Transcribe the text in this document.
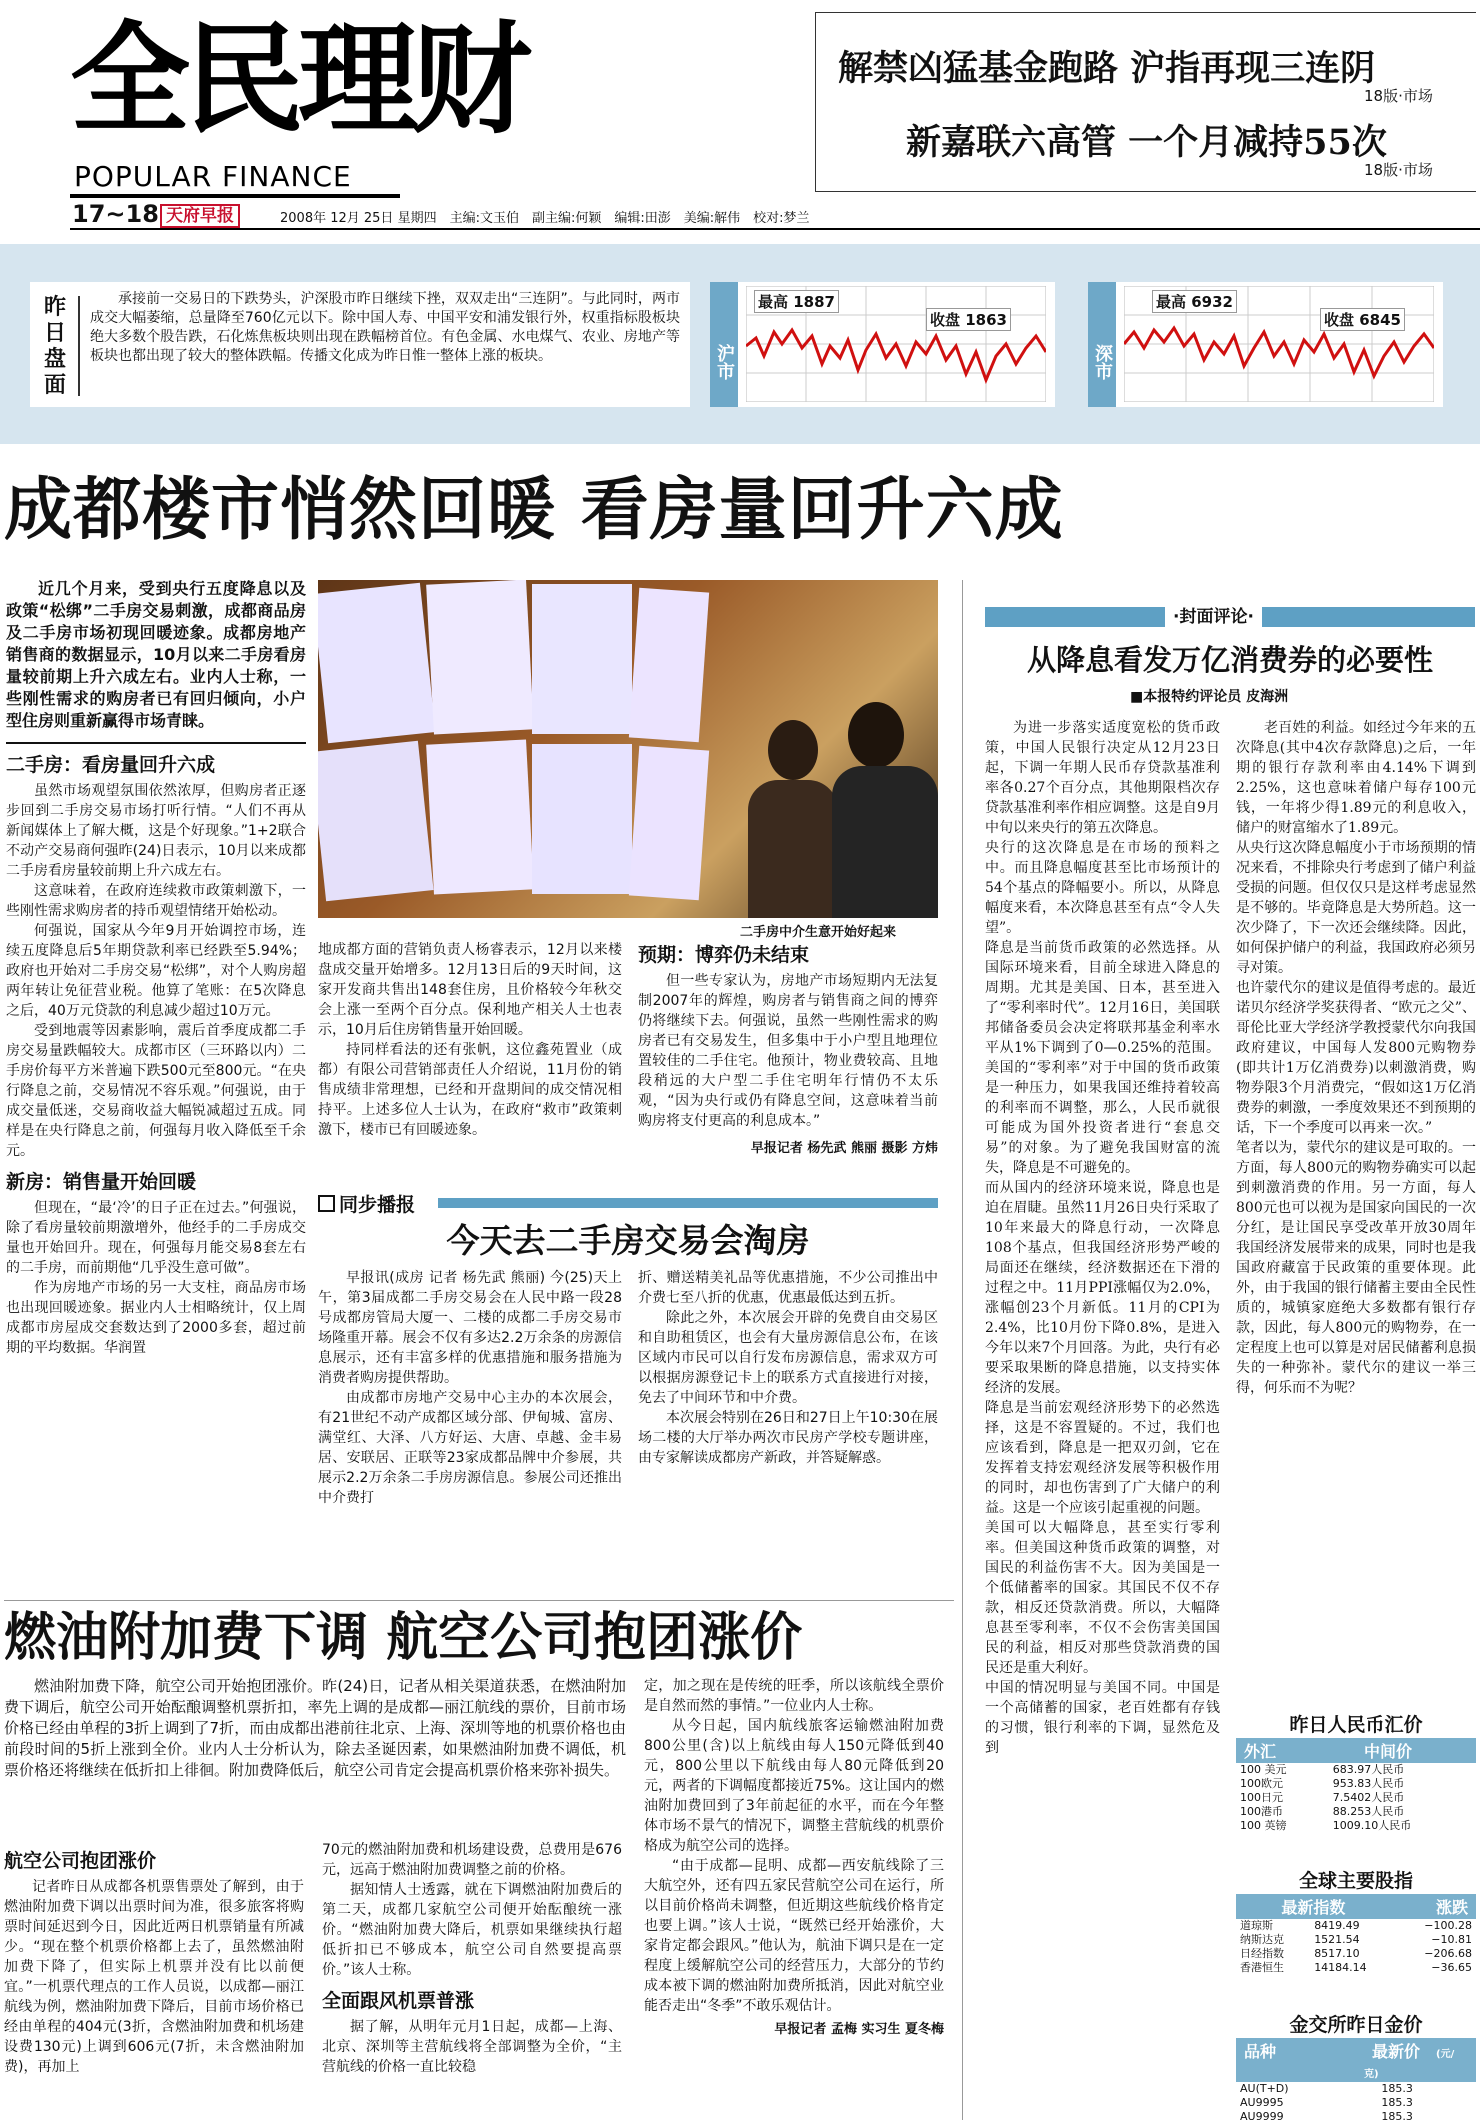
全民理财
POPULAR FINANCE
17~18 天府早报	2008年 12月 25日 星期四　主编:文玉伯　副主编:何颖　编辑:田澎　美编:解伟　校对:梦兰
解禁凶猛基金跑路 沪指再现三连阴
18版·市场
新嘉联六高管 一个月减持55次
18版·市场
昨日盘面
承接前一交易日的下跌势头，沪深股市昨日继续下挫，双双走出“三连阴”。与此同时，两市成交大幅萎缩，总量降至760亿元以下。除中国人寿、中国平安和浦发银行外，权重指标股板块绝大多数个股告跌，石化炼焦板块则出现在跌幅榜首位。有色金属、水电煤气、农业、房地产等板块也都出现了较大的整体跌幅。传播文化成为昨日惟一整体上涨的板块。	沪市
最高 1887
收盘 1863
深市
最高 6932
收盘 6845
成都楼市悄然回暖 看房量回升六成
近几个月来，受到央行五度降息以及政策“松绑”二手房交易刺激，成都商品房及二手房市场初现回暖迹象。成都房地产销售商的数据显示，10月以来二手房看房量较前期上升六成左右。业内人士称，一些刚性需求的购房者已有回归倾向，小户型住房则重新赢得市场青睐。
二手房：看房量回升六成

虽然市场观望氛围依然浓厚，但购房者正逐步回到二手房交易市场打听行情。“人们不再从新闻媒体上了解大概，这是个好现象。”1+2联合不动产交易商何强昨(24)日表示，10月以来成都二手房看房量较前期上升六成左右。

这意味着，在政府连续救市政策刺激下，一些刚性需求购房者的持币观望情绪开始松动。

何强说，国家从今年9月开始调控市场，连续五度降息后5年期贷款利率已经跌至5.94%；政府也开始对二手房交易“松绑”，对个人购房超两年转让免征营业税。他算了笔账：在5次降息之后，40万元贷款的利息减少超过10万元。

受到地震等因素影响，震后首季度成都二手房交易量跌幅较大。成都市区（三环路以内）二手房价每平方米普遍下跌500元至800元。“在央行降息之前，交易情况不容乐观。”何强说，由于成交量低迷，交易商收益大幅锐减超过五成。同样是在央行降息之前，何强每月收入降低至千余元。

新房：销售量开始回暖

但现在，“最‘冷’的日子正在过去。”何强说，除了看房量较前期激增外，他经手的二手房成交量也开始回升。现在，何强每月能交易8套左右的二手房，而前期他“几乎没生意可做”。

作为房地产市场的另一大支柱，商品房市场也出现回暖迹象。据业内人士相略统计，仅上周成都市房屋成交套数达到了2000多套，超过前期的平均数据。华润置

二手房中介生意开始好起来

地成都方面的营销负责人杨睿表示，12月以来楼盘成交量开始增多。12月13日后的9天时间，这家开发商共售出148套住房，且价格较今年秋交会上涨一至两个百分点。保利地产相关人士也表示，10月后住房销售量开始回暖。

持同样看法的还有张帆，这位鑫苑置业（成都）有限公司营销部责任人介绍说，11月份的销售成绩非常理想，已经和开盘期间的成交情况相持平。上述多位人士认为，在政府“救市”政策刺激下，楼市已有回暖迹象。

预期：博弈仍未结束

但一些专家认为，房地产市场短期内无法复制2007年的辉煌，购房者与销售商之间的博弈仍将继续下去。何强说，虽然一些刚性需求的购房者已有交易发生，但多集中于小户型且地理位置较佳的二手住宅。他预计，物业费较高、且地段稍远的大户型二手住宅明年行情仍不太乐观，“因为央行或仍有降息空间，这意味着当前购房将支付更高的利息成本。”

早报记者 杨先武 熊丽 摄影 方炜
同步播报
今天去二手房交易会淘房

早报讯(成房 记者 杨先武 熊丽) 今(25)天上午，第3届成都二手房交易会在人民中路一段28号成都房管局大厦一、二楼的成都二手房交易市场隆重开幕。展会不仅有多达2.2万余条的房源信息展示，还有丰富多样的优惠措施和服务措施为消费者购房提供帮助。

由成都市房地产交易中心主办的本次展会，有21世纪不动产成都区域分部、伊甸城、富房、满堂红、大泽、八方好运、大唐、卓越、金丰易居、安联居、正联等23家成都品牌中介参展，共展示2.2万余条二手房房源信息。参展公司还推出中介费打

折、赠送精美礼品等优惠措施，不少公司推出中介费七至八折的优惠，优惠最低达到五折。

除此之外，本次展会开辟的免费自由交易区和自助租赁区，也会有大量房源信息公布，在该区域内市民可以自行发布房源信息，需求双方可以根据房源登记卡上的联系方式直接进行对接，免去了中间环节和中介费。

本次展会特别在26日和27日上午10:30在展场二楼的大厅举办两次市民房产学校专题讲座，由专家解读成都房产新政，并答疑解惑。

·封面评论·
从降息看发万亿消费券的必要性
■本报特约评论员 皮海洲
为进一步落实适度宽松的货币政策，中国人民银行决定从12月23日起，下调一年期人民币存贷款基准利率各0.27个百分点，其他期限档次存贷款基准利率作相应调整。这是自9月中旬以来央行的第五次降息。
央行的这次降息是在市场的预料之中。而且降息幅度甚至比市场预计的54个基点的降幅要小。所以，从降息幅度来看，本次降息甚至有点“令人失望”。
降息是当前货币政策的必然选择。从国际环境来看，目前全球进入降息的周期。尤其是美国、日本，甚至进入了“零利率时代”。12月16日，美国联邦储备委员会决定将联邦基金利率水平从1%下调到了0—0.25%的范围。美国的“零利率”对于中国的货币政策是一种压力，如果我国还维持着较高的利率而不调整，那么，人民币就很可能成为国外投资者进行“套息交易”的对象。为了避免我国财富的流失，降息是不可避免的。
而从国内的经济环境来说，降息也是迫在眉睫。虽然11月26日央行采取了10年来最大的降息行动，一次降息108个基点，但我国经济形势严峻的局面还在继续，经济数据还在下滑的过程之中。11月PPI涨幅仅为2.0%，涨幅创23个月新低。11月的CPI为2.4%，比10月份下降0.8%，是进入今年以来7个月回落。为此，央行有必要采取果断的降息措施，以支持实体经济的发展。
降息是当前宏观经济形势下的必然选择，这是不容置疑的。不过，我们也应该看到，降息是一把双刃剑，它在发挥着支持宏观经济发展等积极作用的同时，却也伤害到了广大储户的利益。这是一个应该引起重视的问题。
美国可以大幅降息，甚至实行零利率。但美国这种货币政策的调整，对国民的利益伤害不大。因为美国是一个低储蓄率的国家。其国民不仅不存款，相反还贷款消费。所以，大幅降息甚至零利率，不仅不会伤害美国国民的利益，相反对那些贷款消费的国民还是重大利好。
中国的情况明显与美国不同。中国是一个高储蓄的国家，老百姓都有存钱的习惯，银行利率的下调，显然危及到
老百姓的利益。如经过今年来的五次降息(其中4次存款降息)之后，一年期的银行存款利率由4.14%下调到2.25%，这也意味着储户每存100元钱，一年将少得1.89元的利息收入，储户的财富缩水了1.89元。
从央行这次降息幅度小于市场预期的情况来看，不排除央行考虑到了储户利益受损的问题。但仅仅只是这样考虑显然是不够的。毕竟降息是大势所趋。这一次少降了，下一次还会继续降。因此，如何保护储户的利益，我国政府必须另寻对策。
也许蒙代尔的建议是值得考虑的。最近诺贝尔经济学奖获得者、“欧元之父”、哥伦比亚大学经济学教授蒙代尔向我国政府建议，中国每人发800元购物券(即共计1万亿消费券)以刺激消费，购物券限3个月消费完，“假如这1万亿消费券的刺激，一季度效果还不到预期的话，下一个季度可以再来一次。”
笔者以为，蒙代尔的建议是可取的。一方面，每人800元的购物券确实可以起到刺激消费的作用。另一方面，每人800元也可以视为是国家向国民的一次分红，是让国民享受改革开放30周年我国经济发展带来的成果，同时也是我国政府藏富于民政策的重要体现。此外，由于我国的银行储蓄主要由全民性质的，城镇家庭绝大多数都有银行存款，因此，每人800元的购物券，在一定程度上也可以算是对居民储蓄利息损失的一种弥补。蒙代尔的建议一举三得，何乐而不为呢？
昨日人民币汇价
外汇	中间价
100 美元	683.97人民币
100欧元	953.83人民币
100日元	7.5402人民币
100港币	88.253人民币
100 英镑	1009.10人民币
全球主要股指
最新指数	涨跌
道琼斯	8419.49	−100.28
纳斯达克	1521.54	−10.81
日经指数	8517.10	−206.68
香港恒生	14184.14	−36.65
金交所昨日金价
品种	最新价 (元/克)
AU(T+D)	185.3
AU9995	185.3
AU9999	185.3
燃油附加费下调 航空公司抱团涨价
燃油附加费下降，航空公司开始抱团涨价。昨(24)日，记者从相关渠道获悉，在燃油附加费下调后，航空公司开始酝酿调整机票折扣，率先上调的是成都—丽江航线的票价，目前市场价格已经由单程的3折上调到了7折，而由成都出港前往北京、上海、深圳等地的机票价格也由前段时间的5折上涨到全价。业内人士分析认为，除去圣诞因素，如果燃油附加费不调低，机票价格还将继续在低折扣上徘徊。附加费降低后，航空公司肯定会提高机票价格来弥补损失。
航空公司抱团涨价

记者昨日从成都各机票售票处了解到，由于燃油附加费下调以出票时间为准，很多旅客将购票时间延迟到今日，因此近两日机票销量有所减少。“现在整个机票价格都上去了，虽然燃油附加费下降了，但实际上机票并没有比以前便宜。”一机票代理点的工作人员说，以成都—丽江航线为例，燃油附加费下降后，目前市场价格已经由单程的404元(3折，含燃油附加费和机场建设费130元)上调到606元(7折，未含燃油附加费)，再加上

70元的燃油附加费和机场建设费，总费用是676元，远高于燃油附加费调整之前的价格。

据知情人士透露，就在下调燃油附加费后的第二天，成都几家航空公司便开始酝酿统一涨价。“燃油附加费大降后，机票如果继续执行超低折扣已不够成本，航空公司自然要提高票价。”该人士称。

全面跟风机票普涨

据了解，从明年元月1日起，成都—上海、北京、深圳等主营航线将全部调整为全价，“主营航线的价格一直比较稳

定，加之现在是传统的旺季，所以该航线全票价是自然而然的事情。”一位业内人士称。

从今日起，国内航线旅客运输燃油附加费800公里(含)以上航线由每人150元降低到40元，800公里以下航线由每人80元降低到20元，两者的下调幅度都接近75%。这让国内的燃油附加费回到了3年前起征的水平，而在今年整体市场不景气的情况下，调整主营航线的机票价格成为航空公司的选择。

“由于成都—昆明、成都—西安航线除了三大航空外，还有四五家民营航空公司在运行，所以目前价格尚未调整，但近期这些航线价格肯定也要上调。”该人士说，“既然已经开始涨价，大家肯定都会跟风。”他认为，航油下调只是在一定程度上缓解航空公司的经营压力，大部分的节约成本被下调的燃油附加费所抵消，因此对航空业能否走出“冬季”不敢乐观估计。

早报记者 孟梅 实习生 夏冬梅
